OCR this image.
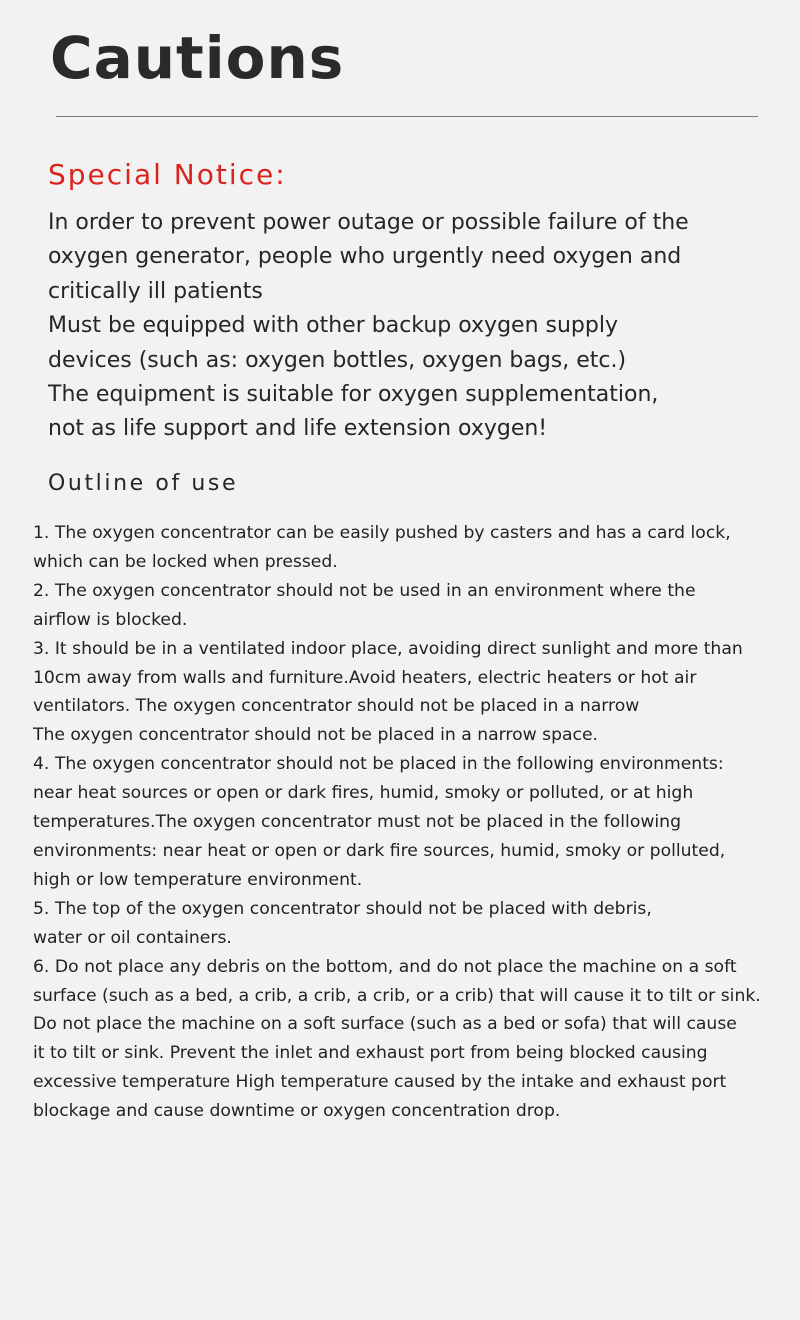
Cautions
Special Notice:
In order to prevent power outage or possible failure of the
oxygen generator, people who urgently need oxygen and
critically ill patients
Must be equipped with other backup oxygen supply
devices (such as: oxygen bottles, oxygen bags, etc.)
The equipment is suitable for oxygen supplementation,
not as life support and life extension oxygen!
Outline of use
1. The oxygen concentrator can be easily pushed by casters and has a card lock,
which can be locked when pressed.
2. The oxygen concentrator should not be used in an environment where the
airflow is blocked.
3. It should be in a ventilated indoor place, avoiding direct sunlight and more than
10cm away from walls and furniture.Avoid heaters, electric heaters or hot air
ventilators. The oxygen concentrator should not be placed in a narrow
The oxygen concentrator should not be placed in a narrow space.
4. The oxygen concentrator should not be placed in the following environments:
near heat sources or open or dark fires, humid, smoky or polluted, or at high
temperatures.The oxygen concentrator must not be placed in the following
environments: near heat or open or dark fire sources, humid, smoky or polluted,
high or low temperature environment.
5. The top of the oxygen concentrator should not be placed with debris,
water or oil containers.
6. Do not place any debris on the bottom, and do not place the machine on a soft
surface (such as a bed, a crib, a crib, a crib, or a crib) that will cause it to tilt or sink.
Do not place the machine on a soft surface (such as a bed or sofa) that will cause
it to tilt or sink. Prevent the inlet and exhaust port from being blocked causing
excessive temperature High temperature caused by the intake and exhaust port
blockage and cause downtime or oxygen concentration drop.
